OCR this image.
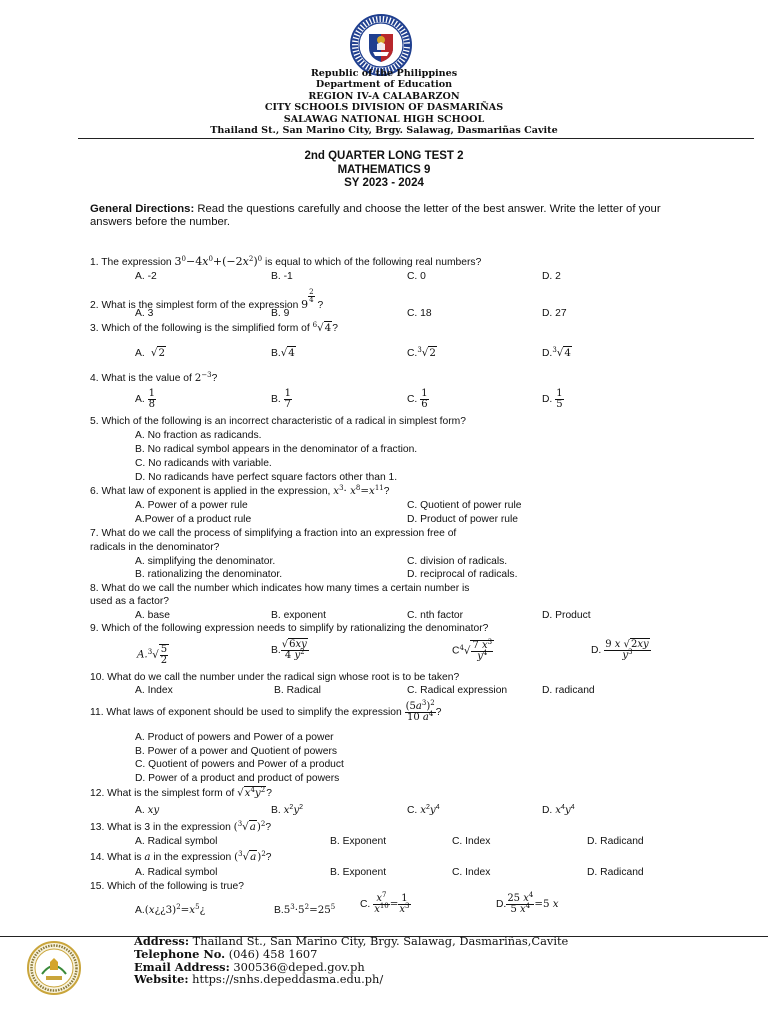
Republic of the Philippines
Department of Education
REGION IV-A CALABARZON
CITY SCHOOLS DIVISION OF DASMARIÑAS
SALAWAG NATIONAL HIGH SCHOOL
Thailand St., San Marino City, Brgy. Salawag, Dasmariñas Cavite
2nd QUARTER LONG TEST 2
MATHEMATICS 9
SY 2023 - 2024
General Directions: Read the questions carefully and choose the letter of the best answer. Write the letter of your answers before the number.
1. The expression $3^0-4x^0+(-2x^2)^0$ is equal to which of the following real numbers?
A. -2	B. -1	C. 0	D. 2
2. What is the simplest form of the expression 9
$\frac{2}{4}$
?
A. 3	B. 9	C. 18	D. 27
3. Which of the following is the simplified form of $^6$√4?
A.  √2	B.√4	C.$^3$√2	D.$^3$√4
4. What is the value of $2^{-3}$?
A. $\frac{1}{8}$	B. $\frac{1}{7}$	C. $\frac{1}{6}$	D. $\frac{1}{5}$
5. Which of the following is an incorrect characteristic of a radical in simplest form?
A. No fraction as radicands.
B. No radical symbol appears in the denominator of a fraction.
C. No radicands with variable.
D. No radicands have perfect square factors other than 1.
6. What law of exponent is applied in the expression, $x^3\cdot x^8=x^{11}$?
A. Power of a power rule	C. Quotient of power rule
A.Power of a product rule	D. Product of power rule
7. What do we call the process of simplifying a fraction into an expression free of
radicals in the denominator?
A. simplifying the denominator.	C. division of radicals.
B. rationalizing the denominator.	D. reciprocal of radicals.
8. What do we call the number which indicates how many times a certain number is
used as a factor?
A. base	B. exponent	C. nth factor	D. Product
9. Which of the following expression needs to simplify by rationalizing the denominator?
$A.^3√ \frac{5}{2}$	B. $\frac{√6xy}{4 y^2}$	$C^4√ \frac{7 x^3}{y^4}$	D. $\frac{9 x √2xy}{y^3}$
10. What do we call the number under the radical sign whose root is to be taken?
A. Index	B. Radical	C. Radical expression	D. radicand
11. What laws of exponent should be used to simplify the expression $\frac{(5a^3)^2}{10 a^4}$ ?
A. Product of powers and Power of a power
B. Power of a power and Quotient of powers
C. Quotient of powers and Power of a product
D. Power of a product and product of powers
12. What is the simplest form of $√x^4y^2$?
A. xy	B. $x^2y^2$	C. $x^2y^4$	D. $x^4y^4$
13. What is 3 in the expression $(^3√a)^2$?
A. Radical symbol	B. Exponent	C. Index	D. Radicand
14. What is a in the expression $(^3√a)^2$?
A. Radical symbol	B. Exponent	C. Index	D. Radicand
15. Which of the following is true?
$A.(x¿¿3)^2=x^5¿$	$B.5^3\cdot 5^2=25^5$ C. $\frac{x^7}{x^{10}} = \frac{1}{x^3}$	D. $\frac{25 x^4}{5 x^4} =5$ x
Address: Thailand St., San Marino City, Brgy. Salawag, Dasmariñas,Cavite
Telephone No. (046) 458 1607
Email Address: 300536@deped.gov.ph
Website: https://snhs.depeddasma.edu.ph/
